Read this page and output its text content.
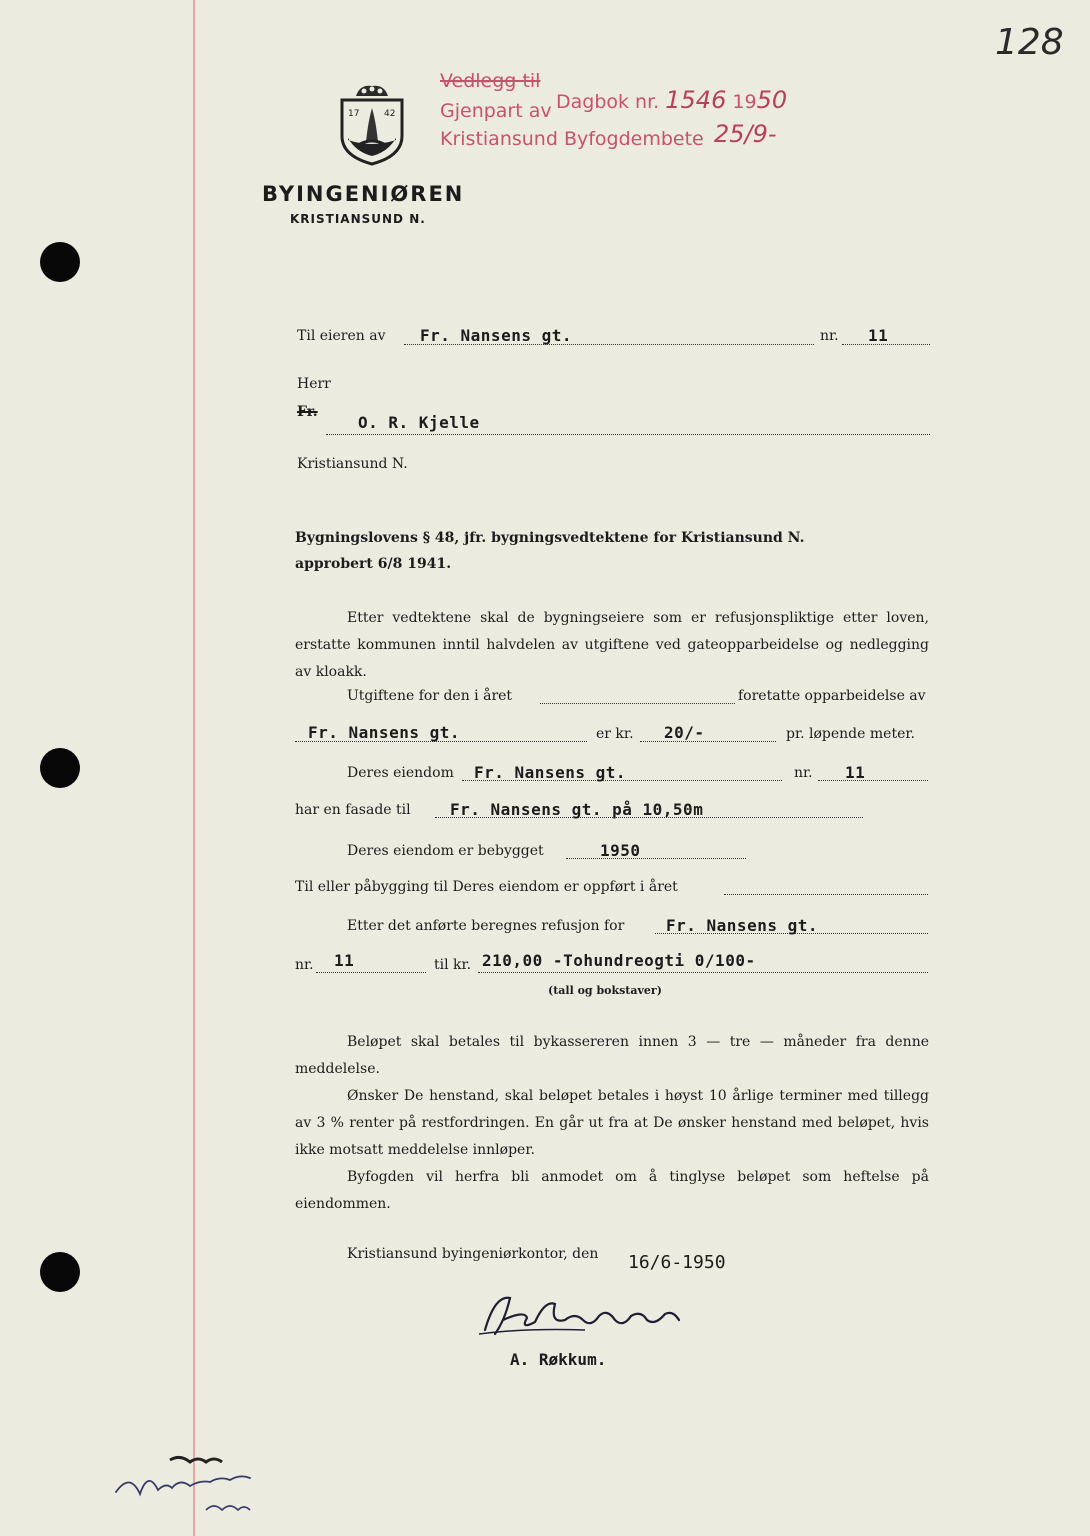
128
Vedlegg til
Gjenpart av
Kristiansund Byfogdembete
Dagbok nr. 1546 1950
25/9-
17	42
BYINGENIØREN
KRISTIANSUND N.
Til eieren av Fr. Nansens gt.	nr. 11
Herr
Fr.
O. R. Kjelle
Kristiansund N.
Bygningslovens § 48, jfr. bygningsvedtektene for Kristiansund N.
approbert 6/8 1941.
Etter vedtektene skal de bygningseiere som er refusjonspliktige etter loven, erstatte kommunen inntil halvdelen av utgiftene ved gateopparbeidelse og nedlegging av kloakk.
Utgiftene for den i året	foretatte opparbeidelse av
Fr. Nansens gt.	er kr. 20/-	pr. løpende meter.
Deres eiendom Fr. Nansens gt.	nr. 11
har en fasade til Fr. Nansens gt. på 10,50m
Deres eiendom er bebygget	1950
Til eller påbygging til Deres eiendom er oppført i året
Etter det anførte beregnes refusjon for	Fr. Nansens gt.
nr. 11	til kr. 210,00 -Tohundreogti 0/100-
(tall og bokstaver)
Beløpet skal betales til bykassereren innen 3 — tre — måneder fra denne meddelelse.
Ønsker De henstand, skal beløpet betales i høyst 10 årlige terminer med tillegg av 3 % renter på restfordringen. En går ut fra at De ønsker henstand med beløpet, hvis ikke motsatt meddelelse innløper.
Byfogden vil herfra bli anmodet om å tinglyse beløpet som heftelse på eiendommen.
Kristiansund byingeniørkontor, den 16/6-1950
A. Røkkum.
